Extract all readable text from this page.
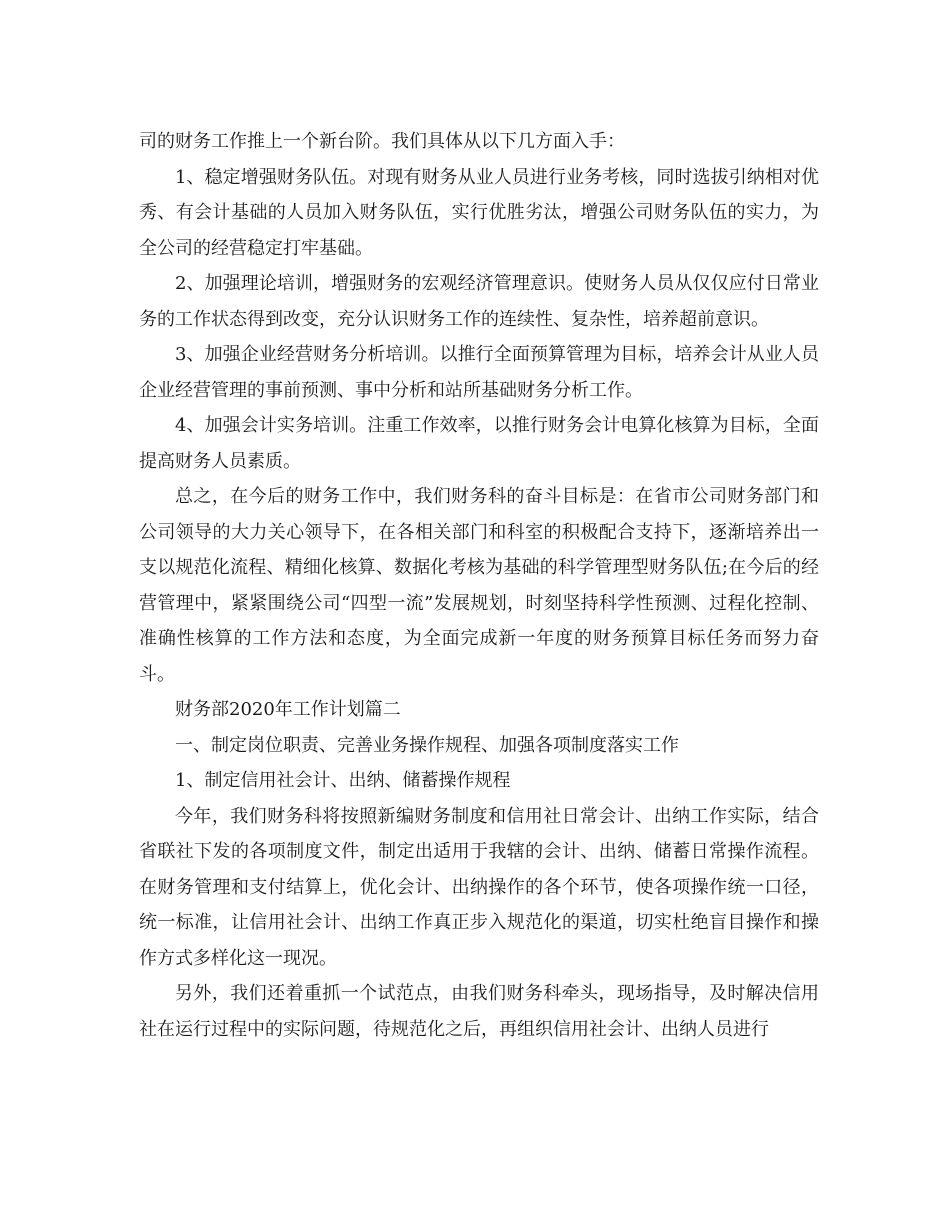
司的财务工作推上一个新台阶。我们具体从以下几方面入手：

1、稳定增强财务队伍。对现有财务从业人员进行业务考核，同时选拔引纳相对优秀、有会计基础的人员加入财务队伍，实行优胜劣汰，增强公司财务队伍的实力，为全公司的经营稳定打牢基础。

2、加强理论培训，增强财务的宏观经济管理意识。使财务人员从仅仅应付日常业务的工作状态得到改变，充分认识财务工作的连续性、复杂性，培养超前意识。

3、加强企业经营财务分析培训。以推行全面预算管理为目标，培养会计从业人员企业经营管理的事前预测、事中分析和站所基础财务分析工作。

4、加强会计实务培训。注重工作效率，以推行财务会计电算化核算为目标，全面提高财务人员素质。

总之，在今后的财务工作中，我们财务科的奋斗目标是：在省市公司财务部门和公司领导的大力关心领导下，在各相关部门和科室的积极配合支持下，逐渐培养出一支以规范化流程、精细化核算、数据化考核为基础的科学管理型财务队伍;在今后的经营管理中，紧紧围绕公司“四型一流”发展规划，时刻坚持科学性预测、过程化控制、准确性核算的工作方法和态度，为全面完成新一年度的财务预算目标任务而努力奋斗。

财务部2020年工作计划篇二

一、制定岗位职责、完善业务操作规程、加强各项制度落实工作

1、制定信用社会计、出纳、储蓄操作规程

今年，我们财务科将按照新编财务制度和信用社日常会计、出纳工作实际，结合省联社下发的各项制度文件，制定出适用于我辖的会计、出纳、储蓄日常操作流程。在财务管理和支付结算上，优化会计、出纳操作的各个环节，使各项操作统一口径，统一标准，让信用社会计、出纳工作真正步入规范化的渠道，切实杜绝盲目操作和操作方式多样化这一现况。

另外，我们还着重抓一个试范点，由我们财务科牵头，现场指导，及时解决信用社在运行过程中的实际问题，待规范化之后，再组织信用社会计、出纳人员进行
